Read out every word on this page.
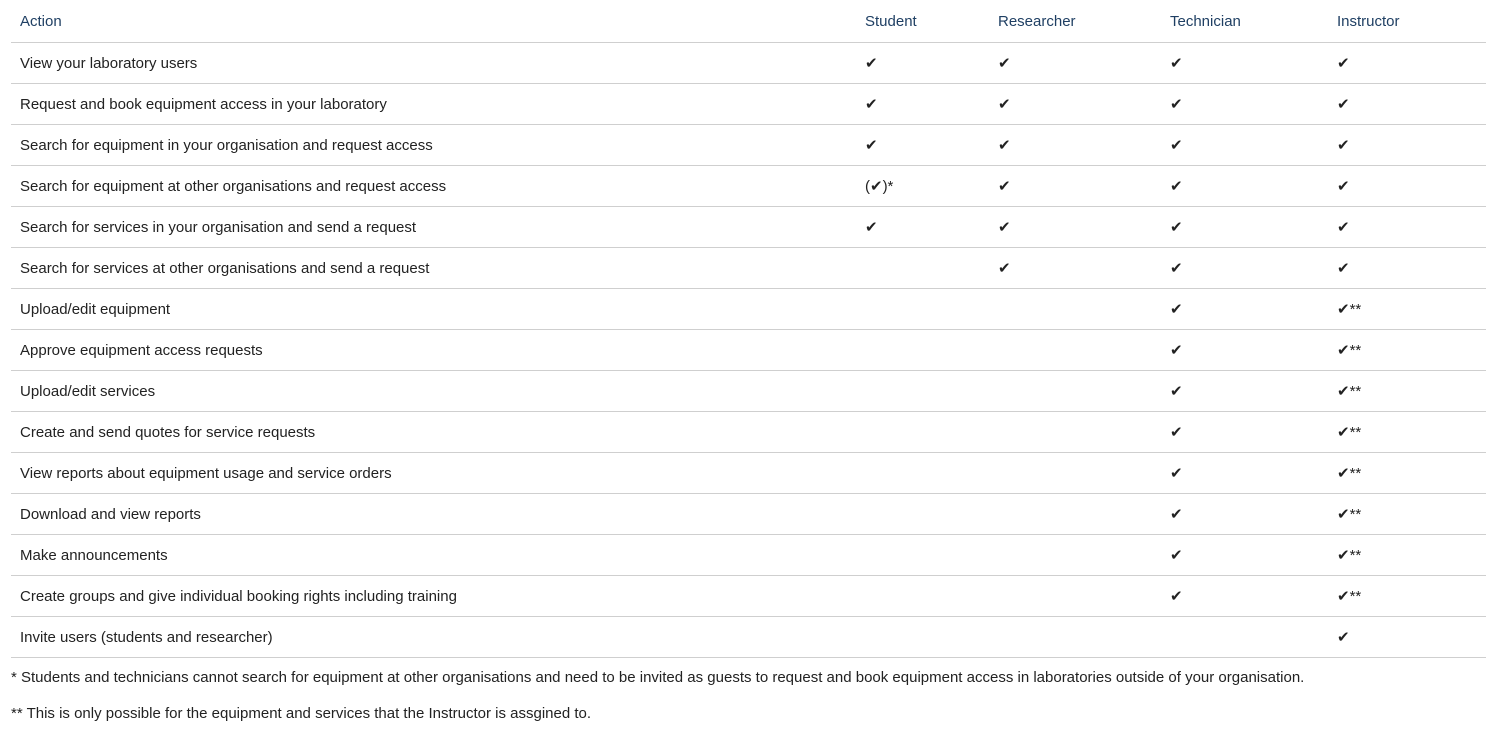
Action	Student	Researcher	Technician	Instructor
View your laboratory users	✔	✔	✔	✔
Request and book equipment access in your laboratory	✔	✔	✔	✔
Search for equipment in your organisation and request access	✔	✔	✔	✔
Search for equipment at other organisations and request access	(✔)*	✔	✔	✔
Search for services in your organisation and send a request	✔	✔	✔	✔
Search for services at other organisations and send a request		✔	✔	✔
Upload/edit equipment			✔	✔**
Approve equipment access requests			✔	✔**
Upload/edit services			✔	✔**
Create and send quotes for service requests			✔	✔**
View reports about equipment usage and service orders			✔	✔**
Download and view reports			✔	✔**
Make announcements			✔	✔**
Create groups and give individual booking rights including training			✔	✔**
Invite users (students and researcher)				✔

* Students and technicians cannot search for equipment at other organisations and need to be invited as guests to request and book equipment access in laboratories outside of your organisation.

** This is only possible for the equipment and services that the Instructor is assgined to.
